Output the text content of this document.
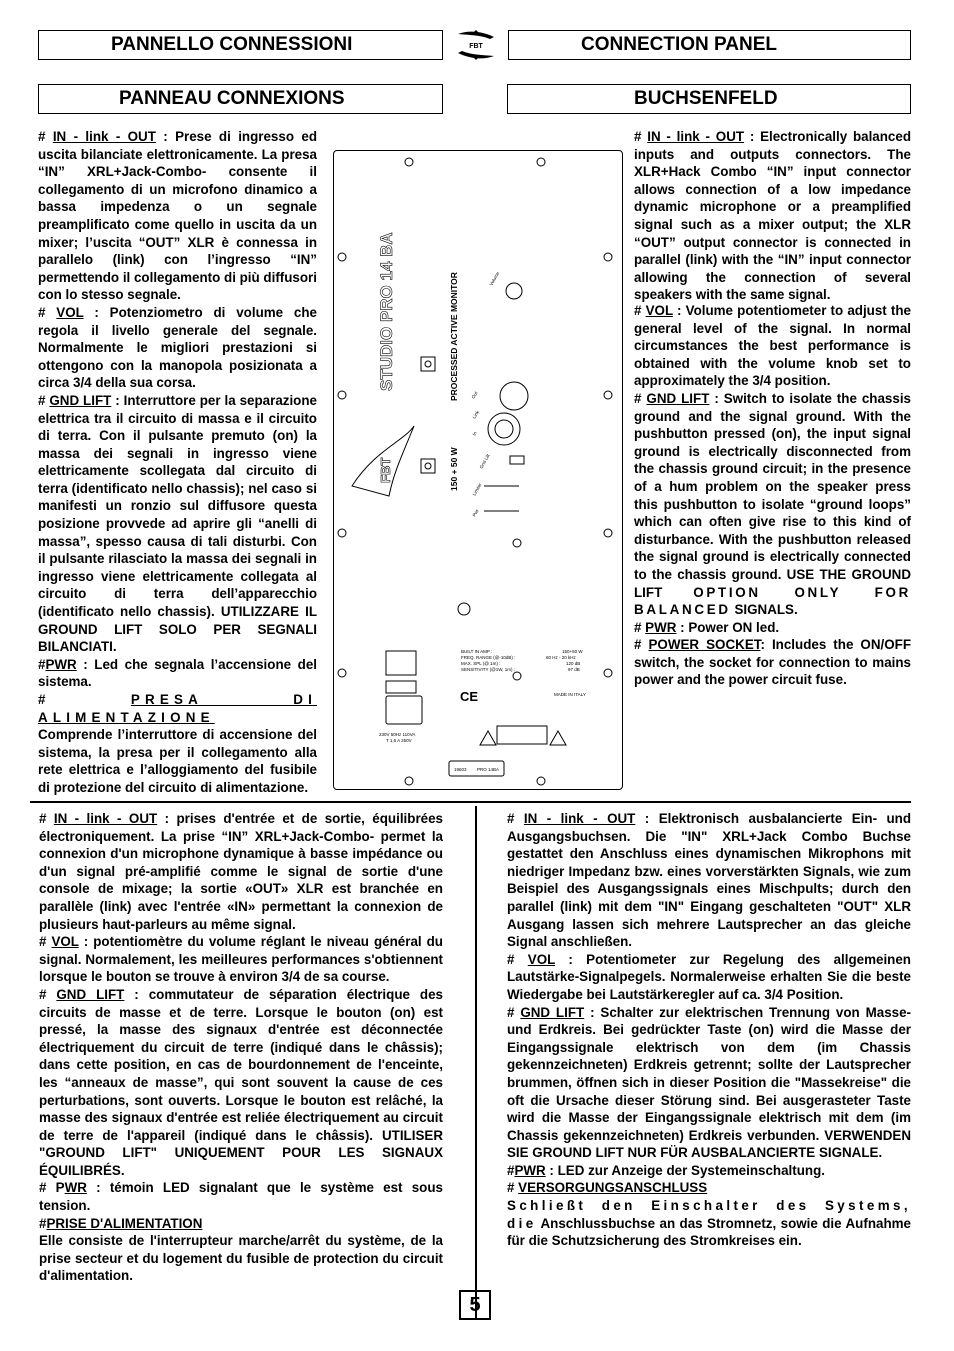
PANNELLO CONNESSIONI	CONNECTION PANEL
PANNEAU CONNEXIONS	BUCHSENFELD
FBT

# IN - link - OUT : Prese di ingresso ed uscita bilanciate elettronicamente. La presa “IN” XRL+Jack-Combo- consente il collegamento di un microfono dinamico a bassa impedenza o un segnale preamplificato come quello in uscita da un mixer; l’uscita “OUT” XLR è connessa in parallelo (link) con l’ingresso “IN” permettendo il collegamento di più diffusori con lo stesso segnale.

# VOL : Potenziometro di volume che regola il livello generale del segnale. Normalmente le migliori prestazioni si ottengono con la manopola posizionata a circa 3/4 della sua corsa.

# GND LIFT : Interruttore per la separazione elettrica tra il circuito di massa e il circuito di terra. Con il pulsante premuto (on) la massa dei segnali in ingresso viene elettricamente scollegata dal circuito di terra (identificato nello chassis); nel caso si manifesti un ronzio sul diffusore questa posizione provvede ad aprire gli “anelli di massa”, spesso causa di tali disturbi. Con il pulsante rilasciato la massa dei segnali in ingresso viene elettricamente collegata al circuito di terra dell’apparecchio (identificato nello chassis). UTILIZZARE IL GROUND LIFT SOLO PER SEGNALI BILANCIATI.

#PWR : Led che segnala l’accensione del sistema.

# PRESA DI ALIMENTAZIONE

Comprende l’interruttore di accensione del sistema, la presa per il collegamento alla rete elettrica e l’alloggiamento del fusibile di protezione del circuito di alimentazione.

# IN - link - OUT : Electronically balanced inputs and outputs connectors. The XLR+Hack Combo “IN” input connector allows connection of a low impedance dynamic microphone or a preamplified signal such as a mixer output; the XLR “OUT” output connector is connected in parallel (link) with the “IN” input connector allowing the connection of several speakers with the same signal.

# VOL : Volume potentiometer to adjust the general level of the signal. In normal circumstances the best performance is obtained with the volume knob set to approximately the 3/4 position.

# GND LIFT : Switch to isolate the chassis ground and the signal ground. With the pushbutton pressed (on), the input signal ground is electrically disconnected from the chassis ground circuit; in the presence of a hum problem on the speaker press this pushbutton to isolate “ground loops” which can often give rise to this kind of disturbance. With the pushbutton released the signal ground is electrically connected to the chassis ground. USE THE GROUND LIFT OPTION ONLY FOR BALANCED SIGNALS.

# PWR : Power ON led.

# POWER SOCKET: Includes the ON/OFF switch, the socket for connection to mains power and the power circuit fuse.

STUDIO PRO 14 BA	PROCESSED ACTIVE MONITOR
150 + 50 W
FBT
BUILT IN AMP :	150+50 W
FREQ. RANGE (@-10dB) :	60 Hz - 20 kHz
MAX. SPL (@ 1m) :	120 dB
SENSITIVITY (@1W, 1m) :	97 dB
MADE IN ITALY
230V 50Hz 110VA
T 1,6 A 250V
19603 PRO 14BA
Volume
Out
Link
In
Gnd Lift
Limiter
Pwr
CE

# IN - link - OUT : prises d'entrée et de sortie, équilibrées électroniquement. La prise “IN” XRL+Jack-Combo- permet la connexion d'un microphone dynamique à basse impédance ou d'un signal pré-amplifié comme le signal de sortie d'une console de mixage; la sortie «OUT» XLR est branchée en parallèle (link) avec l'entrée «IN» permettant la connexion de plusieurs haut-parleurs au même signal.

# VOL : potentiomètre du volume réglant le niveau général du signal. Normalement, les meilleures performances s'obtiennent lorsque le bouton se trouve à environ 3/4 de sa course.

# GND LIFT : commutateur de séparation électrique des circuits de masse et de terre. Lorsque le bouton (on) est pressé, la masse des signaux d'entrée est déconnectée électriquement du circuit de terre (indiqué dans le châssis); dans cette position, en cas de bourdonnement de l'enceinte, les “anneaux de masse”, qui sont souvent la cause de ces perturbations, sont ouverts. Lorsque le bouton est relâché, la masse des signaux d'entrée est reliée électriquement au circuit de terre de l'appareil (indiqué dans le châssis). UTILISER "GROUND LIFT" UNIQUEMENT POUR LES SIGNAUX ÉQUILIBRÉS.

# PWR : témoin LED signalant que le système est sous tension.

#PRISE D'ALIMENTATION

Elle consiste de l'interrupteur marche/arrêt du système, de la prise secteur et du logement du fusible de protection du circuit d'alimentation.

# IN - link - OUT : Elektronisch ausbalancierte Ein- und Ausgangsbuchsen. Die "IN" XRL+Jack Combo Buchse gestattet den Anschluss eines dynamischen Mikrophons mit niedriger Impedanz bzw. eines vorverstärkten Signals, wie zum Beispiel des Ausgangssignals eines Mischpults; durch den parallel (link) mit dem "IN" Eingang geschalteten "OUT" XLR Ausgang lassen sich mehrere Lautsprecher an das gleiche Signal anschließen.

# VOL : Potentiometer zur Regelung des allgemeinen Lautstärke-Signalpegels. Normalerweise erhalten Sie die beste Wiedergabe bei Lautstärkeregler auf ca. 3/4 Position.

# GND LIFT : Schalter zur elektrischen Trennung von Masse- und Erdkreis. Bei gedrückter Taste (on) wird die Masse der Eingangssignale elektrisch von dem (im Chassis gekennzeichneten) Erdkreis getrennt; sollte der Lautsprecher brummen, öffnen sich in dieser Position die "Massekreise" die oft die Ursache dieser Störung sind. Bei ausgerasteter Taste wird die Masse der Eingangssignale elektrisch mit dem (im Chassis gekennzeichneten) Erdkreis verbunden. VERWENDEN SIE GROUND LIFT NUR FÜR AUSBALANCIERTE SIGNALE.

#PWR : LED zur Anzeige der Systemeinschaltung.

# VERSORGUNGSANSCHLUSS

Schließt den Einschalter des Systems, die Anschlussbuchse an das Stromnetz, sowie die Aufnahme für die Schutzsicherung des Stromkreises ein.

5
